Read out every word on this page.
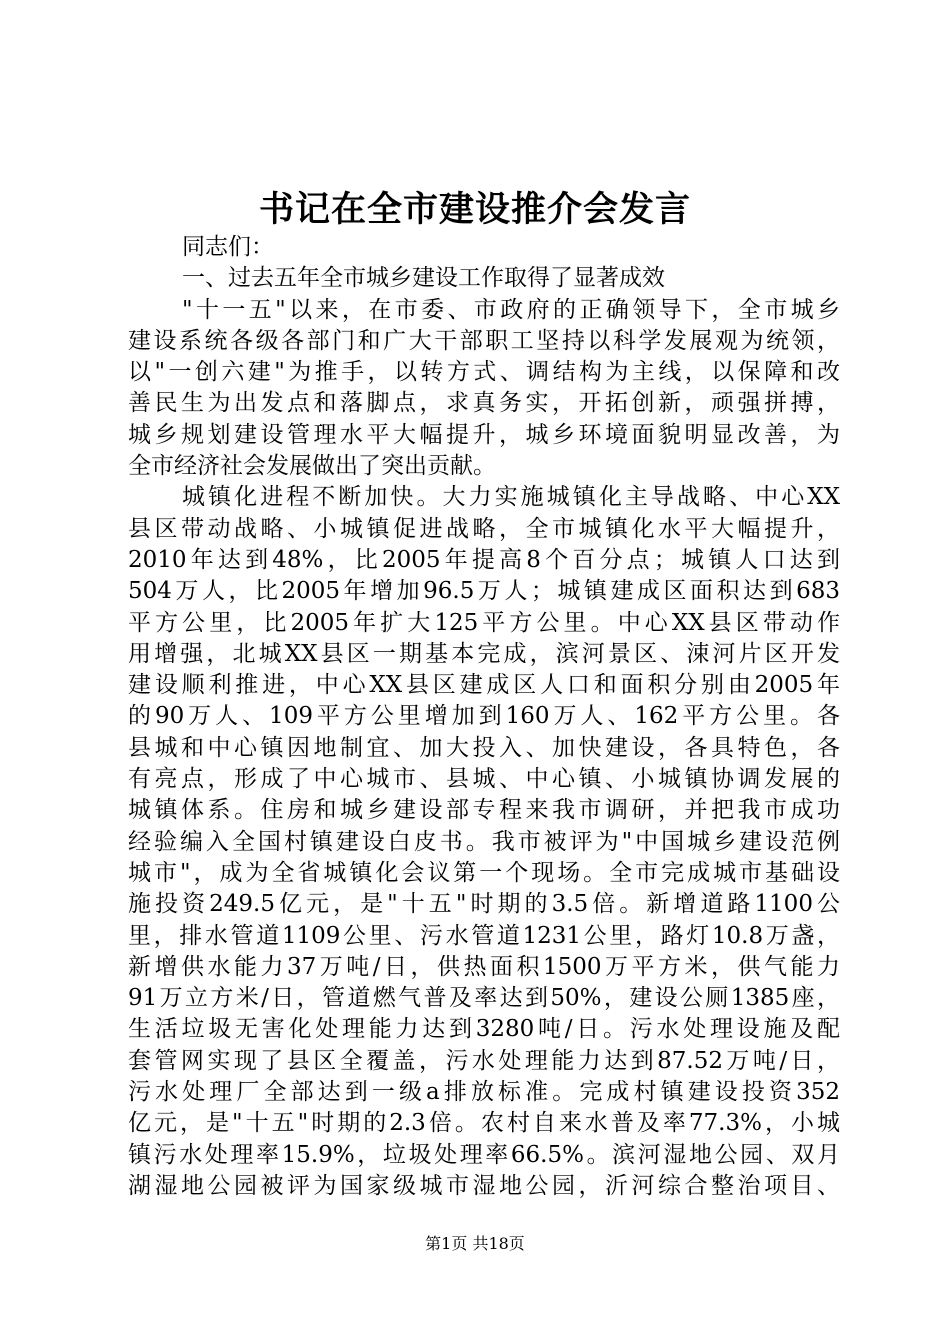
书记在全市建设推介会发言
同志们：
一、过去五年全市城乡建设工作取得了显著成效
"十一五"以来，在市委、市政府的正确领导下，全市城乡
建设系统各级各部门和广大干部职工坚持以科学发展观为统领，
以"一创六建"为推手，以转方式、调结构为主线，以保障和改
善民生为出发点和落脚点，求真务实，开拓创新，顽强拼搏，
城乡规划建设管理水平大幅提升，城乡环境面貌明显改善，为
全市经济社会发展做出了突出贡献。
城镇化进程不断加快。大力实施城镇化主导战略、中心XX
县区带动战略、小城镇促进战略，全市城镇化水平大幅提升，
2010年达到48%，比2005年提高8个百分点；城镇人口达到
504万人，比2005年增加96.5万人；城镇建成区面积达到683
平方公里，比2005年扩大125平方公里。中心XX县区带动作
用增强，北城XX县区一期基本完成，滨河景区、涑河片区开发
建设顺利推进，中心XX县区建成区人口和面积分别由2005年
的90万人、109平方公里增加到160万人、162平方公里。各
县城和中心镇因地制宜、加大投入、加快建设，各具特色，各
有亮点，形成了中心城市、县城、中心镇、小城镇协调发展的
城镇体系。住房和城乡建设部专程来我市调研，并把我市成功
经验编入全国村镇建设白皮书。我市被评为"中国城乡建设范例
城市"，成为全省城镇化会议第一个现场。全市完成城市基础设
施投资249.5亿元，是"十五"时期的3.5倍。新增道路1100公
里，排水管道1109公里、污水管道1231公里，路灯10.8万盏，
新增供水能力37万吨/日，供热面积1500万平方米，供气能力
91万立方米/日，管道燃气普及率达到50%，建设公厕1385座，
生活垃圾无害化处理能力达到3280吨/日。污水处理设施及配
套管网实现了县区全覆盖，污水处理能力达到87.52万吨/日，
污水处理厂全部达到一级a排放标准。完成村镇建设投资352
亿元，是"十五"时期的2.3倍。农村自来水普及率77.3%，小城
镇污水处理率15.9%，垃圾处理率66.5%。滨河湿地公园、双月
湖湿地公园被评为国家级城市湿地公园，沂河综合整治项目、
第1页 共18页
